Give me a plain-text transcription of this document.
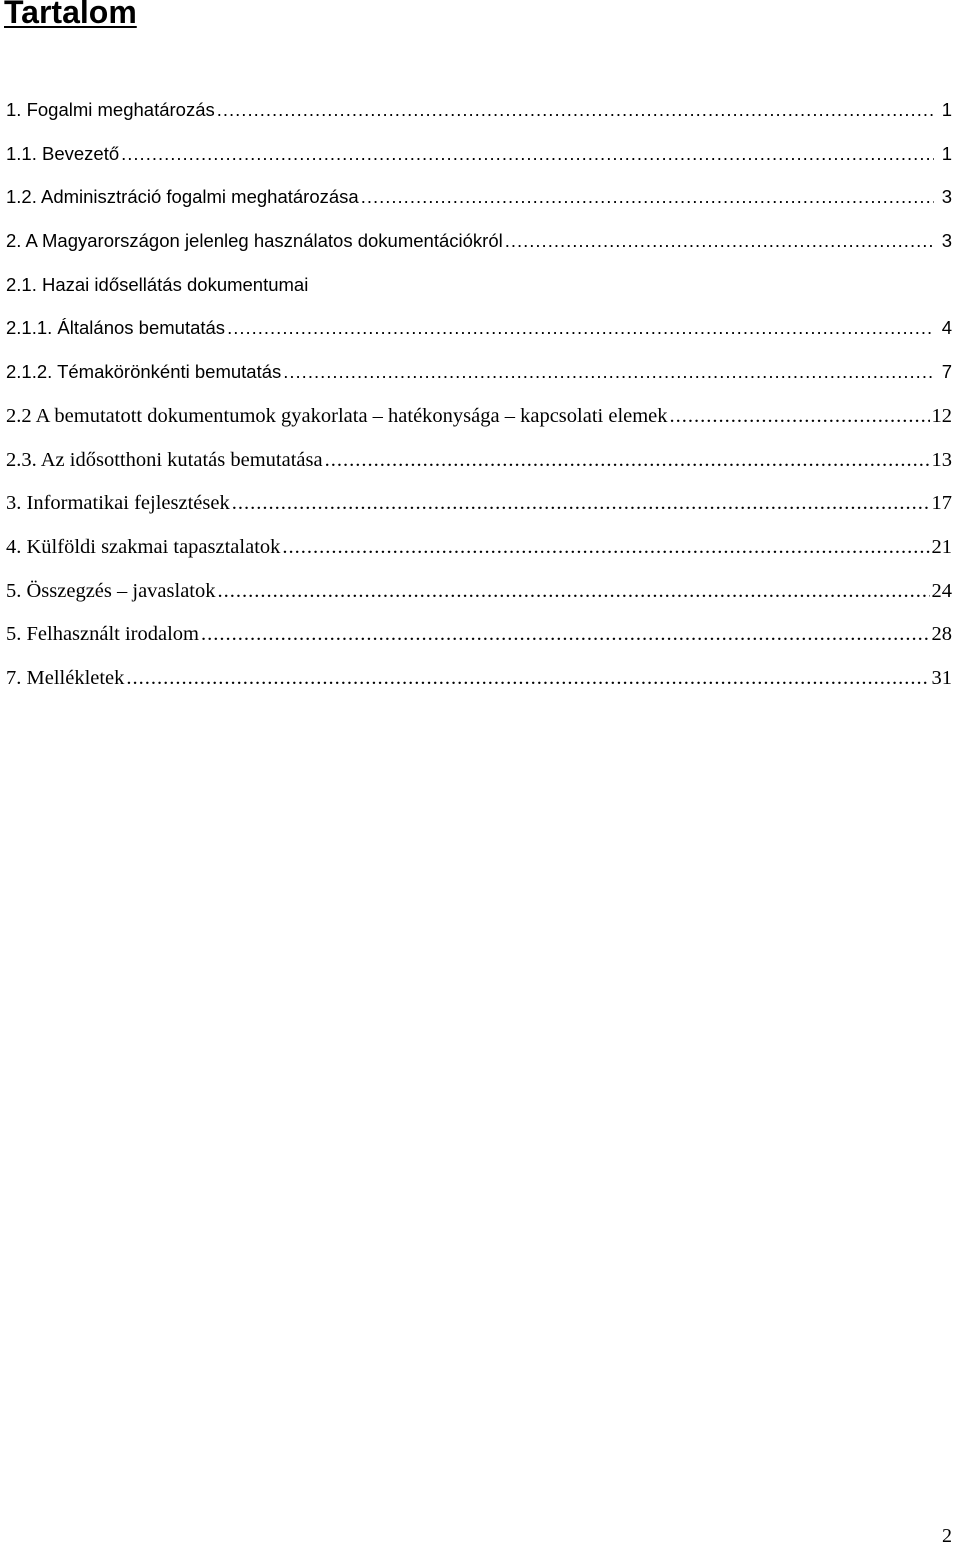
Tartalom
1. Fogalmi meghatározás .....	1
1.1. Bevezető .....	1
1.2. Adminisztráció fogalmi meghatározása .....	3
2. A Magyarországon jelenleg használatos dokumentációkról .....	3
2.1. Hazai idősellátás dokumentumai
2.1.1. Általános bemutatás .....	4
2.1.2. Témakörönkénti bemutatás .....	7
2.2 A bemutatott dokumentumok gyakorlata – hatékonysága – kapcsolati elemek .....	12
2.3. Az idősotthoni kutatás bemutatása .....	13
3. Informatikai fejlesztések .....	17
4. Külföldi szakmai tapasztalatok .....	21
5. Összegzés – javaslatok .....	24
5. Felhasznált irodalom .....	28
7. Mellékletek .....	31
2
